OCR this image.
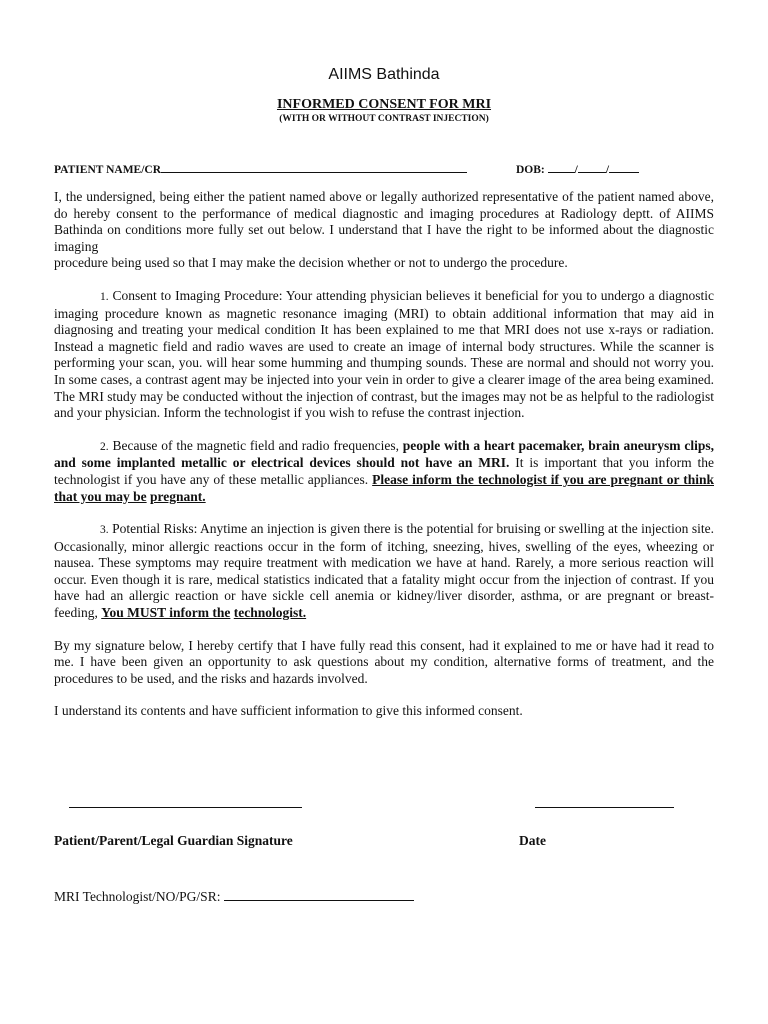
AIIMS Bathinda
INFORMED CONSENT FOR MRI
(WITH OR WITHOUT CONTRAST INJECTION)
PATIENT NAME/CR	DOB:	/ /

I, the undersigned, being either the patient named above or legally authorized representative of the patient named above, do hereby consent to the performance of medical diagnostic and imaging procedures at Radiology deptt. of AIIMS Bathinda on conditions more fully set out below. I understand that I have the right to be informed about the diagnostic imaging

procedure being used so that I may make the decision whether or not to undergo the procedure.

1. Consent to Imaging Procedure: Your attending physician believes it beneficial for you to undergo a diagnostic imaging procedure known as magnetic resonance imaging (MRI) to obtain additional information that may aid in diagnosing and treating your medical condition It has been explained to me that MRI does not use x-rays or radiation. Instead a magnetic field and radio waves are used to create an image of internal body structures. While the scanner is performing your scan, you. will hear some humming and thumping sounds. These are normal and should not worry you. In some cases, a contrast agent may be injected into your vein in order to give a clearer image of the area being examined. The MRI study may be conducted without the injection of contrast, but the images may not be as helpful to the radiologist and your physician. Inform the technologist if you wish to refuse the contrast injection.

2. Because of the magnetic field and radio frequencies, people with a heart pacemaker, brain aneurysm clips, and some implanted metallic or electrical devices should not have an MRI. It is important that you inform the technologist if you have any of these metallic appliances. Please inform the technologist if you are pregnant or think that you may be pregnant.

3. Potential Risks: Anytime an injection is given there is the potential for bruising or swelling at the injection site. Occasionally, minor allergic reactions occur in the form of itching, sneezing, hives, swelling of the eyes, wheezing or nausea. These symptoms may require treatment with medication we have at hand. Rarely, a more serious reaction will occur. Even though it is rare, medical statistics indicated that a fatality might occur from the injection of contrast. If you have had an allergic reaction or have sickle cell anemia or kidney/liver disorder, asthma, or are pregnant or breast-feeding, You MUST inform the technologist.

By my signature below, I hereby certify that I have fully read this consent, had it explained to me or have had it read to me. I have been given an opportunity to ask questions about my condition, alternative forms of treatment, and the procedures to be used, and the risks and hazards involved.

I understand its contents and have sufficient information to give this informed consent.

Patient/Parent/Legal Guardian Signature	Date
MRI Technologist/NO/PG/SR:
